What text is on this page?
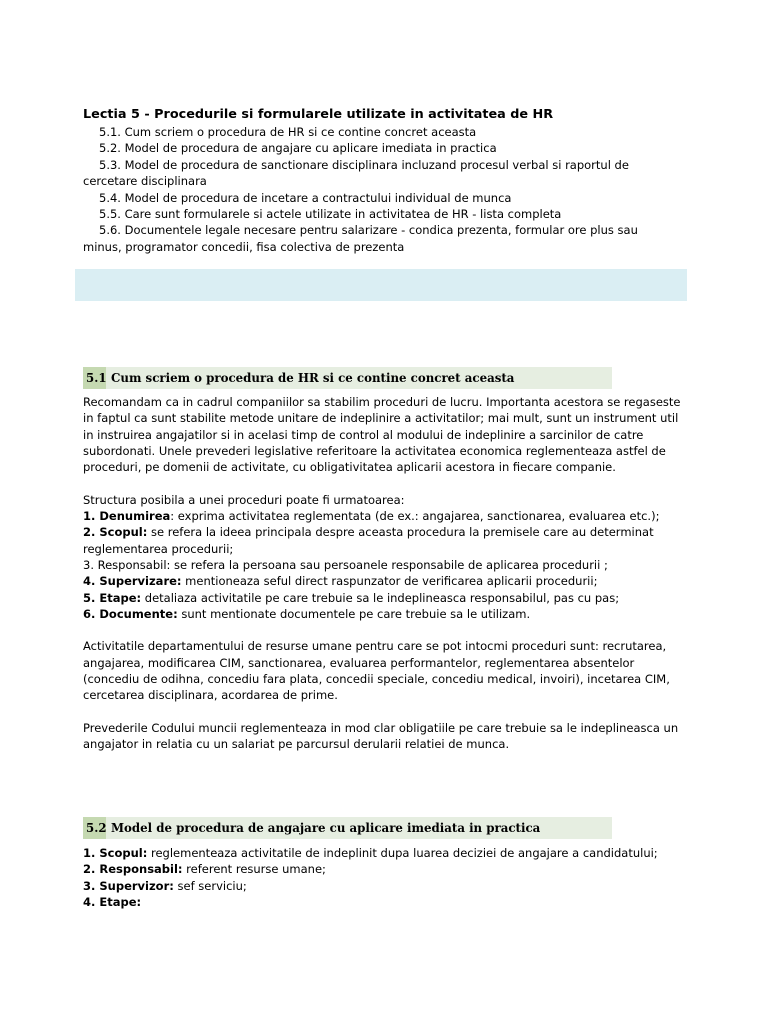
Lectia 5 - Procedurile si formularele utilizate in activitatea de HR
5.1. Cum scriem o procedura de HR si ce contine concret aceasta
5.2. Model de procedura de angajare cu aplicare imediata in practica
5.3. Model de procedura de sanctionare disciplinara incluzand procesul verbal si raportul de cercetare disciplinara
5.4. Model de procedura de incetare a contractului individual de munca
5.5. Care sunt formularele si actele utilizate in activitatea de HR - lista completa
5.6. Documentele legale necesare pentru salarizare - condica prezenta, formular ore plus sau minus, programator concedii, fisa colectiva de prezenta
5.1 Cum scriem o procedura de HR si ce contine concret aceasta

Recomandam ca in cadrul companiilor sa stabilim proceduri de lucru. Importanta acestora se regaseste in faptul ca sunt stabilite metode unitare de indeplinire a activitatilor; mai mult, sunt un instrument util in instruirea angajatilor si in acelasi timp de control al modului de indeplinire a sarcinilor de catre subordonati. Unele prevederi legislative referitoare la activitatea economica reglementeaza astfel de proceduri, pe domenii de activitate, cu obligativitatea aplicarii acestora in fiecare companie.

Structura posibila a unei proceduri poate fi urmatoarea:

1. Denumirea: exprima activitatea reglementata (de ex.: angajarea, sanctionarea, evaluarea etc.);

2. Scopul: se refera la ideea principala despre aceasta procedura la premisele care au determinat reglementarea procedurii;

3. Responsabil: se refera la persoana sau persoanele responsabile de aplicarea procedurii ;

4. Supervizare: mentioneaza seful direct raspunzator de verificarea aplicarii procedurii;

5. Etape: detaliaza activitatile pe care trebuie sa le indeplineasca responsabilul, pas cu pas;

6. Documente: sunt mentionate documentele pe care trebuie sa le utilizam.

Activitatile departamentului de resurse umane pentru care se pot intocmi proceduri sunt: recrutarea, angajarea, modificarea CIM, sanctionarea, evaluarea performantelor, reglementarea absentelor (concediu de odihna, concediu fara plata, concedii speciale, concediu medical, invoiri), incetarea CIM, cercetarea disciplinara, acordarea de prime.

Prevederile Codului muncii reglementeaza in mod clar obligatiile pe care trebuie sa le indeplineasca un angajator in relatia cu un salariat pe parcursul derularii relatiei de munca.

5.2 Model de procedura de angajare cu aplicare imediata in practica

1. Scopul: reglementeaza activitatile de indeplinit dupa luarea deciziei de angajare a candidatului;

2. Responsabil: referent resurse umane;

3. Supervizor: sef serviciu;

4. Etape:
